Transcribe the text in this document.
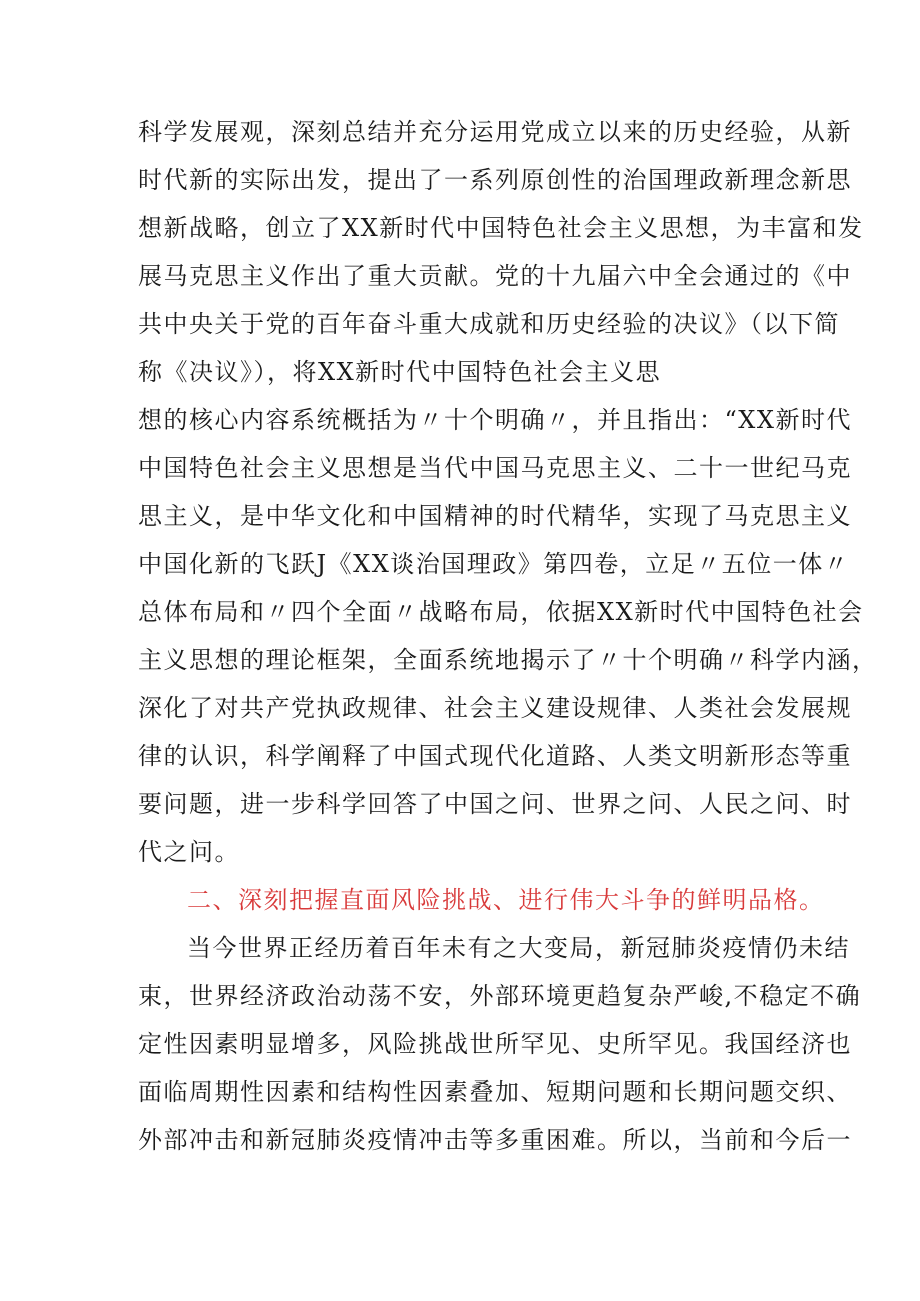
科学发展观，深刻总结并充分运用党成立以来的历史经验，从新
时代新的实际出发，提出了一系列原创性的治国理政新理念新思
想新战略，创立了XX新时代中国特色社会主义思想，为丰富和发
展马克思主义作出了重大贡献。党的十九届六中全会通过的《中
共中央关于党的百年奋斗重大成就和历史经验的决议》（以下简
称《决议》），将XX新时代中国特色社会主义思
想的核心内容系统概括为〃十个明确〃，并且指出：“XX新时代
中国特色社会主义思想是当代中国马克思主义、二十一世纪马克
思主义，是中华文化和中国精神的时代精华，实现了马克思主义
中国化新的飞跃J《XX谈治国理政》第四卷，立足〃五位一体〃
总体布局和〃四个全面〃战略布局，依据XX新时代中国特色社会
主义思想的理论框架，全面系统地揭示了〃十个明确〃科学内涵，
深化了对共产党执政规律、社会主义建设规律、人类社会发展规
律的认识，科学阐释了中国式现代化道路、人类文明新形态等重
要问题，进一步科学回答了中国之问、世界之问、人民之问、时
代之问。
二、深刻把握直面风险挑战、进行伟大斗争的鲜明品格。
当今世界正经历着百年未有之大变局，新冠肺炎疫情仍未结
束，世界经济政治动荡不安，外部环境更趋复杂严峻,不稳定不确
定性因素明显增多，风险挑战世所罕见、史所罕见。我国经济也
面临周期性因素和结构性因素叠加、短期问题和长期问题交织、
外部冲击和新冠肺炎疫情冲击等多重困难。所以，当前和今后一
